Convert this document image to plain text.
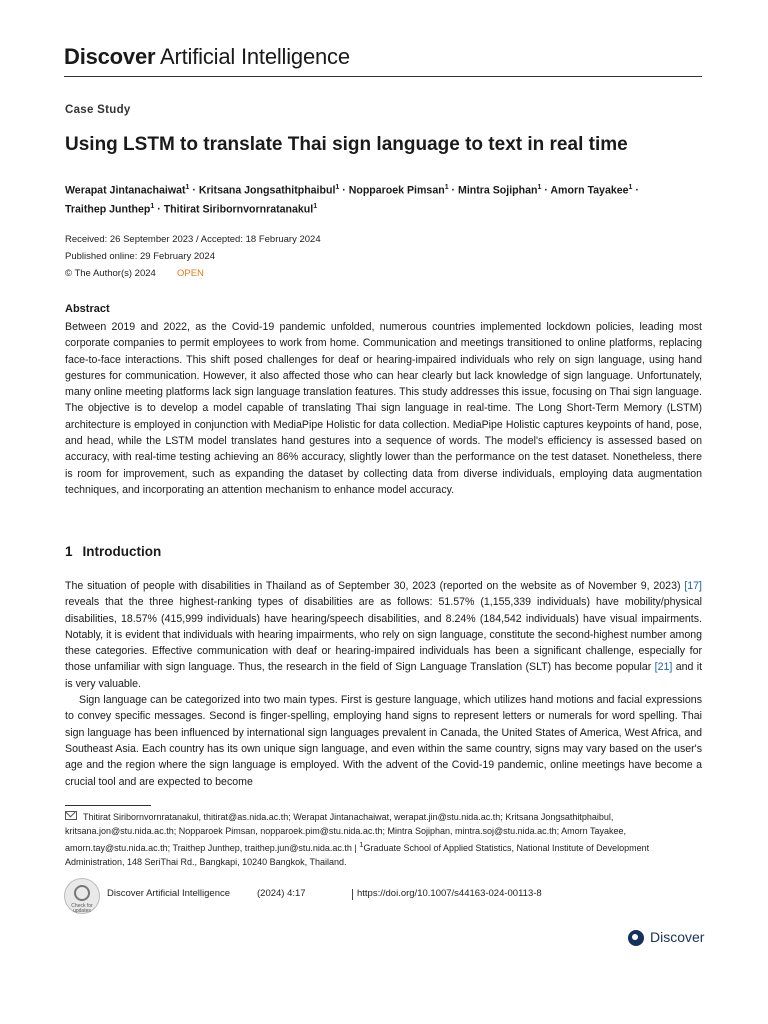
Discover Artificial Intelligence
Case Study
Using LSTM to translate Thai sign language to text in real time
Werapat Jintanachaiwat$^1$ · Kritsana Jongsathitphaibul$^1$ · Nopparoek Pimsan$^1$ · Mintra Sojiphan$^1$ · Amorn Tayakee$^1$ ·
Traithep Junthep$^1$ · Thitirat Siribornvornratanakul$^1$
Received: 26 September 2023 / Accepted: 18 February 2024
Published online: 29 February 2024
© The Author(s) 2024 OPEN
Abstract
Between 2019 and 2022, as the Covid-19 pandemic unfolded, numerous countries implemented lockdown policies, leading most corporate companies to permit employees to work from home. Communication and meetings transitioned to online platforms, replacing face-to-face interactions. This shift posed challenges for deaf or hearing-impaired individuals who rely on sign language, using hand gestures for communication. However, it also affected those who can hear clearly but lack knowledge of sign language. Unfortunately, many online meeting platforms lack sign language translation features. This study addresses this issue, focusing on Thai sign language. The objective is to develop a model capable of translating Thai sign language in real-time. The Long Short-Term Memory (LSTM) architecture is employed in conjunction with MediaPipe Holistic for data collection. MediaPipe Holistic captures keypoints of hand, pose, and head, while the LSTM model translates hand gestures into a sequence of words. The model's efficiency is assessed based on accuracy, with real-time testing achieving an 86% accuracy, slightly lower than the performance on the test dataset. Nonetheless, there is room for improvement, such as expanding the dataset by collecting data from diverse individuals, employing data augmentation techniques, and incorporating an attention mechanism to enhance model accuracy.
1 Introduction

The situation of people with disabilities in Thailand as of September 30, 2023 (reported on the website as of November 9, 2023) [17] reveals that the three highest-ranking types of disabilities are as follows: 51.57% (1,155,339 individuals) have mobility/physical disabilities, 18.57% (415,999 individuals) have hearing/speech disabilities, and 8.24% (184,542 individuals) have visual impairments. Notably, it is evident that individuals with hearing impairments, who rely on sign language, constitute the second-highest number among these categories. Effective communication with deaf or hearing-impaired individuals has been a significant challenge, especially for those unfamiliar with sign language. Thus, the research in the field of Sign Language Translation (SLT) has become popular [21] and it is very valuable.

Sign language can be categorized into two main types. First is gesture language, which utilizes hand motions and facial expressions to convey specific messages. Second is finger-spelling, employing hand signs to represent letters or numerals for word spelling. Thai sign language has been influenced by international sign languages prevalent in Canada, the United States of America, West Africa, and Southeast Asia. Each country has its own unique sign language, and even within the same country, signs may vary based on the user's age and the region where the sign language is employed. With the advent of the Covid-19 pandemic, online meetings have become a crucial tool and are expected to become

Thitirat Siribornvornratanakul, thitirat@as.nida.ac.th; Werapat Jintanachaiwat, werapat.jin@stu.nida.ac.th; Kritsana Jongsathitphaibul, kritsana.jon@stu.nida.ac.th; Nopparoek Pimsan, nopparoek.pim@stu.nida.ac.th; Mintra Sojiphan, mintra.soj@stu.nida.ac.th; Amorn Tayakee, amorn.tay@stu.nida.ac.th; Traithep Junthep, traithep.jun@stu.nida.ac.th | $^1$Graduate School of Applied Statistics, National Institute of Development Administration, 148 SeriThai Rd., Bangkapi, 10240 Bangkok, Thailand.
Check for updates
Discover Artificial Intelligence	(2024) 4:17	https://doi.org/10.1007/s44163-024-00113-8
Discover
